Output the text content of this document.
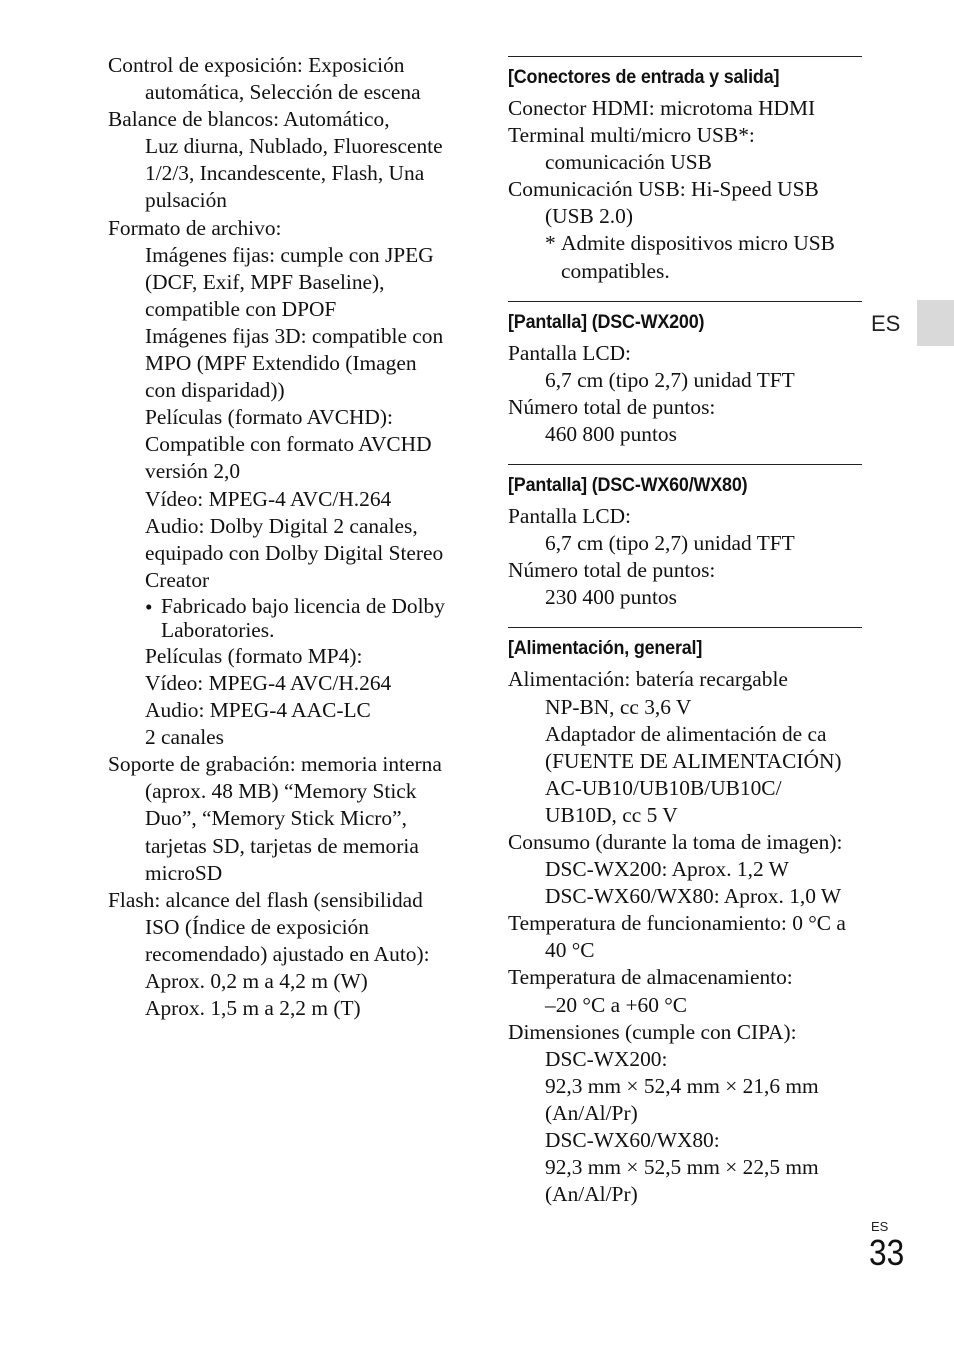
Control de exposición: Exposición
automática, Selección de escena
Balance de blancos: Automático,
Luz diurna, Nublado, Fluorescente
1/2/3, Incandescente, Flash, Una
pulsación
Formato de archivo:
Imágenes fijas: cumple con JPEG
(DCF, Exif, MPF Baseline),
compatible con DPOF
Imágenes fijas 3D: compatible con
MPO (MPF Extendido (Imagen
con disparidad))
Películas (formato AVCHD):
Compatible con formato AVCHD
versión 2,0
Vídeo: MPEG-4 AVC/H.264
Audio: Dolby Digital 2 canales,
equipado con Dolby Digital Stereo
Creator
• Fabricado bajo licencia de Dolby
Laboratories.
Películas (formato MP4):
Vídeo: MPEG-4 AVC/H.264
Audio: MPEG-4 AAC-LC
2 canales
Soporte de grabación: memoria interna
(aprox. 48 MB) “Memory Stick
Duo”, “Memory Stick Micro”,
tarjetas SD, tarjetas de memoria
microSD
Flash: alcance del flash (sensibilidad
ISO (Índice de exposición
recomendado) ajustado en Auto):
Aprox. 0,2 m a 4,2 m (W)
Aprox. 1,5 m a 2,2 m (T)
[Conectores de entrada y salida]
Conector HDMI: microtoma HDMI
Terminal multi/micro USB*:
comunicación USB
Comunicación USB: Hi-Speed USB
(USB 2.0)
* Admite dispositivos micro USB
compatibles.
[Pantalla] (DSC-WX200)
Pantalla LCD:
6,7 cm (tipo 2,7) unidad TFT
Número total de puntos:
460 800 puntos
[Pantalla] (DSC-WX60/WX80)
Pantalla LCD:
6,7 cm (tipo 2,7) unidad TFT
Número total de puntos:
230 400 puntos
[Alimentación, general]
Alimentación: batería recargable
NP-BN, cc 3,6 V
Adaptador de alimentación de ca
(FUENTE DE ALIMENTACIÓN)
AC-UB10/UB10B/UB10C/
UB10D, cc 5 V
Consumo (durante la toma de imagen):
DSC-WX200: Aprox. 1,2 W
DSC-WX60/WX80: Aprox. 1,0 W
Temperatura de funcionamiento: 0 °C a
40 °C
Temperatura de almacenamiento:
–20 °C a +60 °C
Dimensiones (cumple con CIPA):
DSC-WX200:
92,3 mm × 52,4 mm × 21,6 mm
(An/Al/Pr)
DSC-WX60/WX80:
92,3 mm × 52,5 mm × 22,5 mm
(An/Al/Pr)
ES
ES
33
